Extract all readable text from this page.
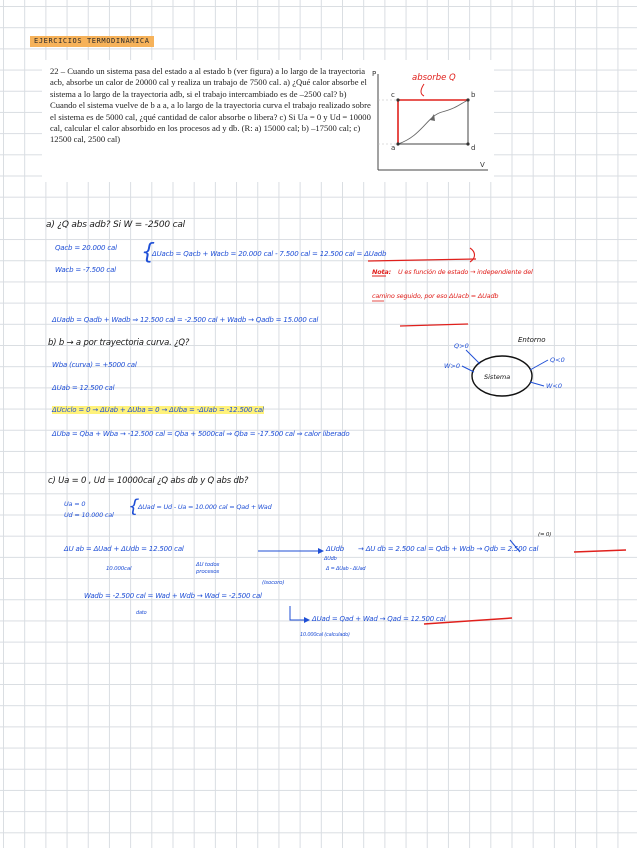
EJERCICIOS TERMODINÁMICA
22 – Cuando un sistema pasa del estado a al estado b (ver figura) a lo largo de la trayectoria acb, absorbe un calor de 20000 cal y realiza un trabajo de 7500 cal. a) ¿Qué calor absorbe el sistema a lo largo de la trayectoria adb, si el trabajo intercambiado es de –2500 cal? b) Cuando el sistema vuelve de b a a, a lo largo de la trayectoria curva el trabajo realizado sobre el sistema es de 5000 cal, ¿qué cantidad de calor absorbe o libera? c) Si Ua = 0 y Ud = 10000 cal, calcular el calor absorbido en los procesos ad y db. (R: a) 15000 cal; b) –17500 cal; c) 12500 cal, 2500 cal)
P
V
c	b
a	d
absorbe Q
a) ¿Q abs adb? Si W = -2500 cal
Qacb = 20.000 cal
Wacb = -7.500 cal
{
ΔUacb = Qacb + Wacb = 20.000 cal - 7.500 cal = 12.500 cal = ΔUadb
Nota: U es función de estado → independiente del
camino seguido, por eso ΔUacb = ΔUadb
ΔUadb = Qadb + Wadb ⇒ 12.500 cal = -2.500 cal + Wadb → Qadb = 15.000 cal
b) b → a por trayectoria curva. ¿Q?
Wba (curva) = +5000 cal
ΔUab = 12.500 cal
ΔUciclo = 0 → ΔUab + ΔUba = 0 → ΔUba = -ΔUab = -12.500 cal
ΔUba = Qba + Wba → -12.500 cal = Qba + 5000cal ⇒ Qba = -17.500 cal ⇒ calor liberado
Sistema
Entorno
Q>0
W>0
Q<0
W<0
c) Ua = 0 , Ud = 10000cal ¿Q abs db y Q abs db?
Ua = 0
Ud = 10.000 cal {
ΔUad = Ud - Ua = 10.000 cal = Qad + Wad
ΔU ab = ΔUad + ΔUdb = 12.500 cal
10.000cal
ΔU todos procesos
ΔUdb
ΔUdb
Δ = ΔUab - ΔUad
→ ΔU db = 2.500 cal = Qdb + Wdb → Qdb = 2.500 cal
(= 0)
Wadb = -2.500 cal = Wad + Wdb → Wad = -2.500 cal
(isocoro)
dato
ΔUad = Qad + Wad → Qad = 12.500 cal
10.000cal (calculado)
